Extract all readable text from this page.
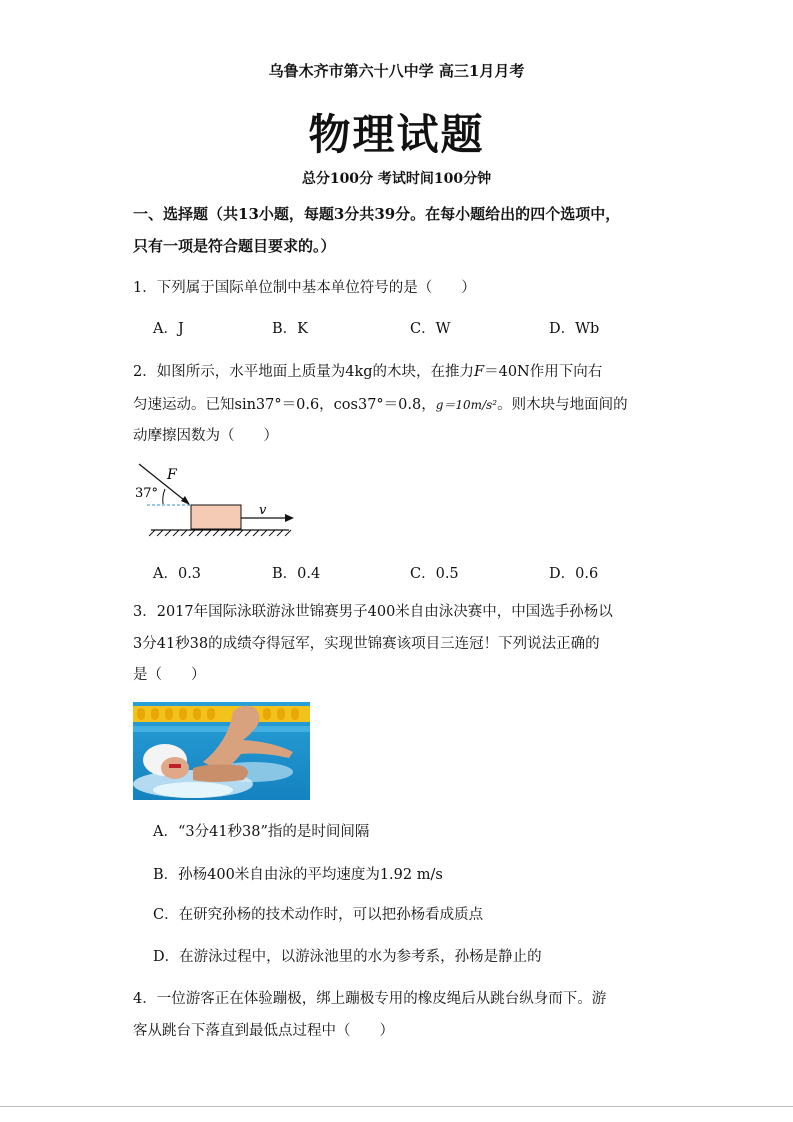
乌鲁木齐市第六十八中学 高三1月月考
物理试题
总分100分 考试时间100分钟
一、选择题（共13小题，每题3分共39分。在每小题给出的四个选项中，
只有一项是符合题目要求的。）
1．下列属于国际单位制中基本单位符号的是（　　）
A．J	B．K	C．W	D．Wb
2．如图所示，水平地面上质量为4kg的木块，在推力F＝40N作用下向右
匀速运动。已知sin37°＝0.6，cos37°＝0.8，g＝10m/s²。则木块与地面间的
动摩擦因数为（　　）
F
37°
v
A．0.3	B．0.4	C．0.5	D．0.6
3．2017年国际泳联游泳世锦赛男子400米自由泳决赛中，中国选手孙杨以
3分41秒38的成绩夺得冠军，实现世锦赛该项目三连冠！下列说法正确的
是（　　）
A．“3分41秒38”指的是时间间隔
B．孙杨400米自由泳的平均速度为1.92 m/s
C．在研究孙杨的技术动作时，可以把孙杨看成质点
D．在游泳过程中，以游泳池里的水为参考系，孙杨是静止的
4．一位游客正在体验蹦极，绑上蹦极专用的橡皮绳后从跳台纵身而下。游
客从跳台下落直到最低点过程中（　　）
